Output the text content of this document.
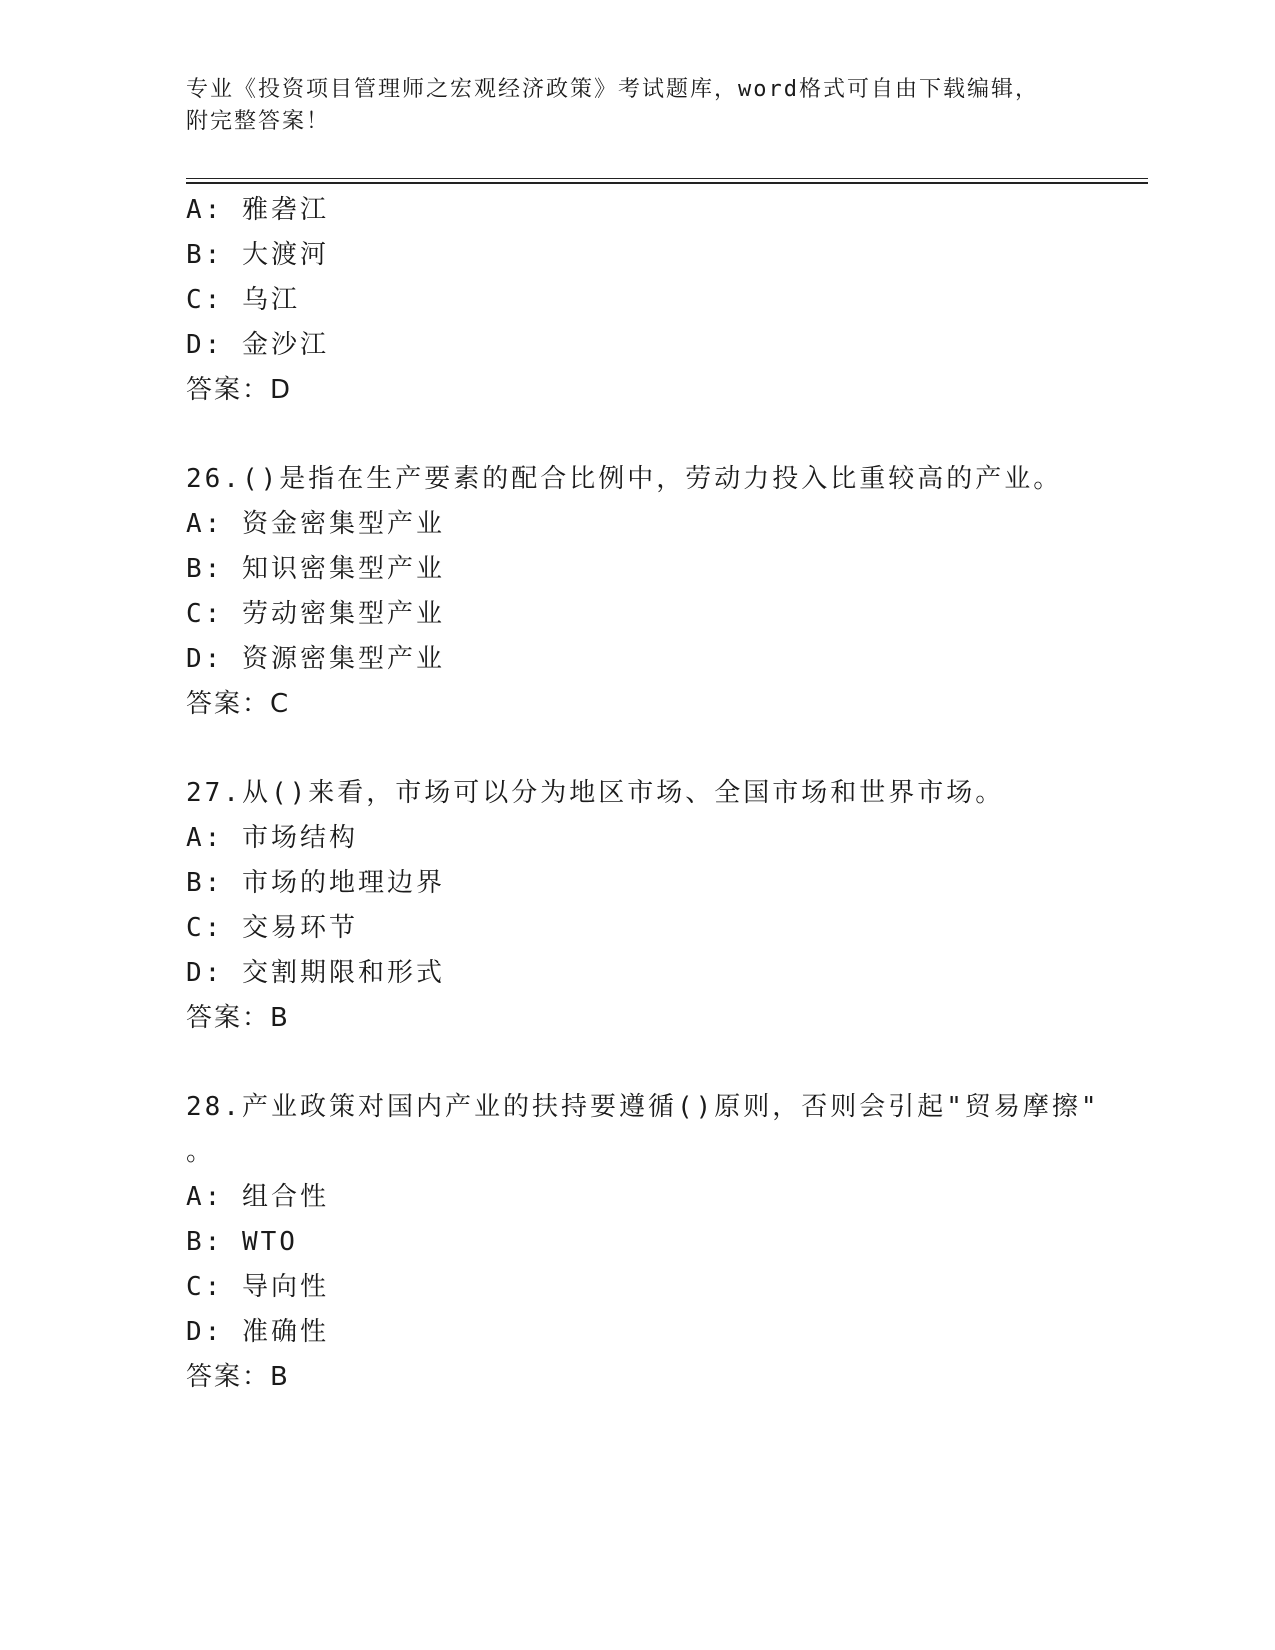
专业《投资项目管理师之宏观经济政策》考试题库，word格式可自由下载编辑，
附完整答案！
A: 雅砻江
B: 大渡河
C: 乌江
D: 金沙江
答案：D
26.()是指在生产要素的配合比例中，劳动力投入比重较高的产业。
A: 资金密集型产业
B: 知识密集型产业
C: 劳动密集型产业
D: 资源密集型产业
答案：C
27.从()来看，市场可以分为地区市场、全国市场和世界市场。
A: 市场结构
B: 市场的地理边界
C: 交易环节
D: 交割期限和形式
答案：B
28.产业政策对国内产业的扶持要遵循()原则，否则会引起"贸易摩擦"
。
A: 组合性
B: WTO
C: 导向性
D: 准确性
答案：B
